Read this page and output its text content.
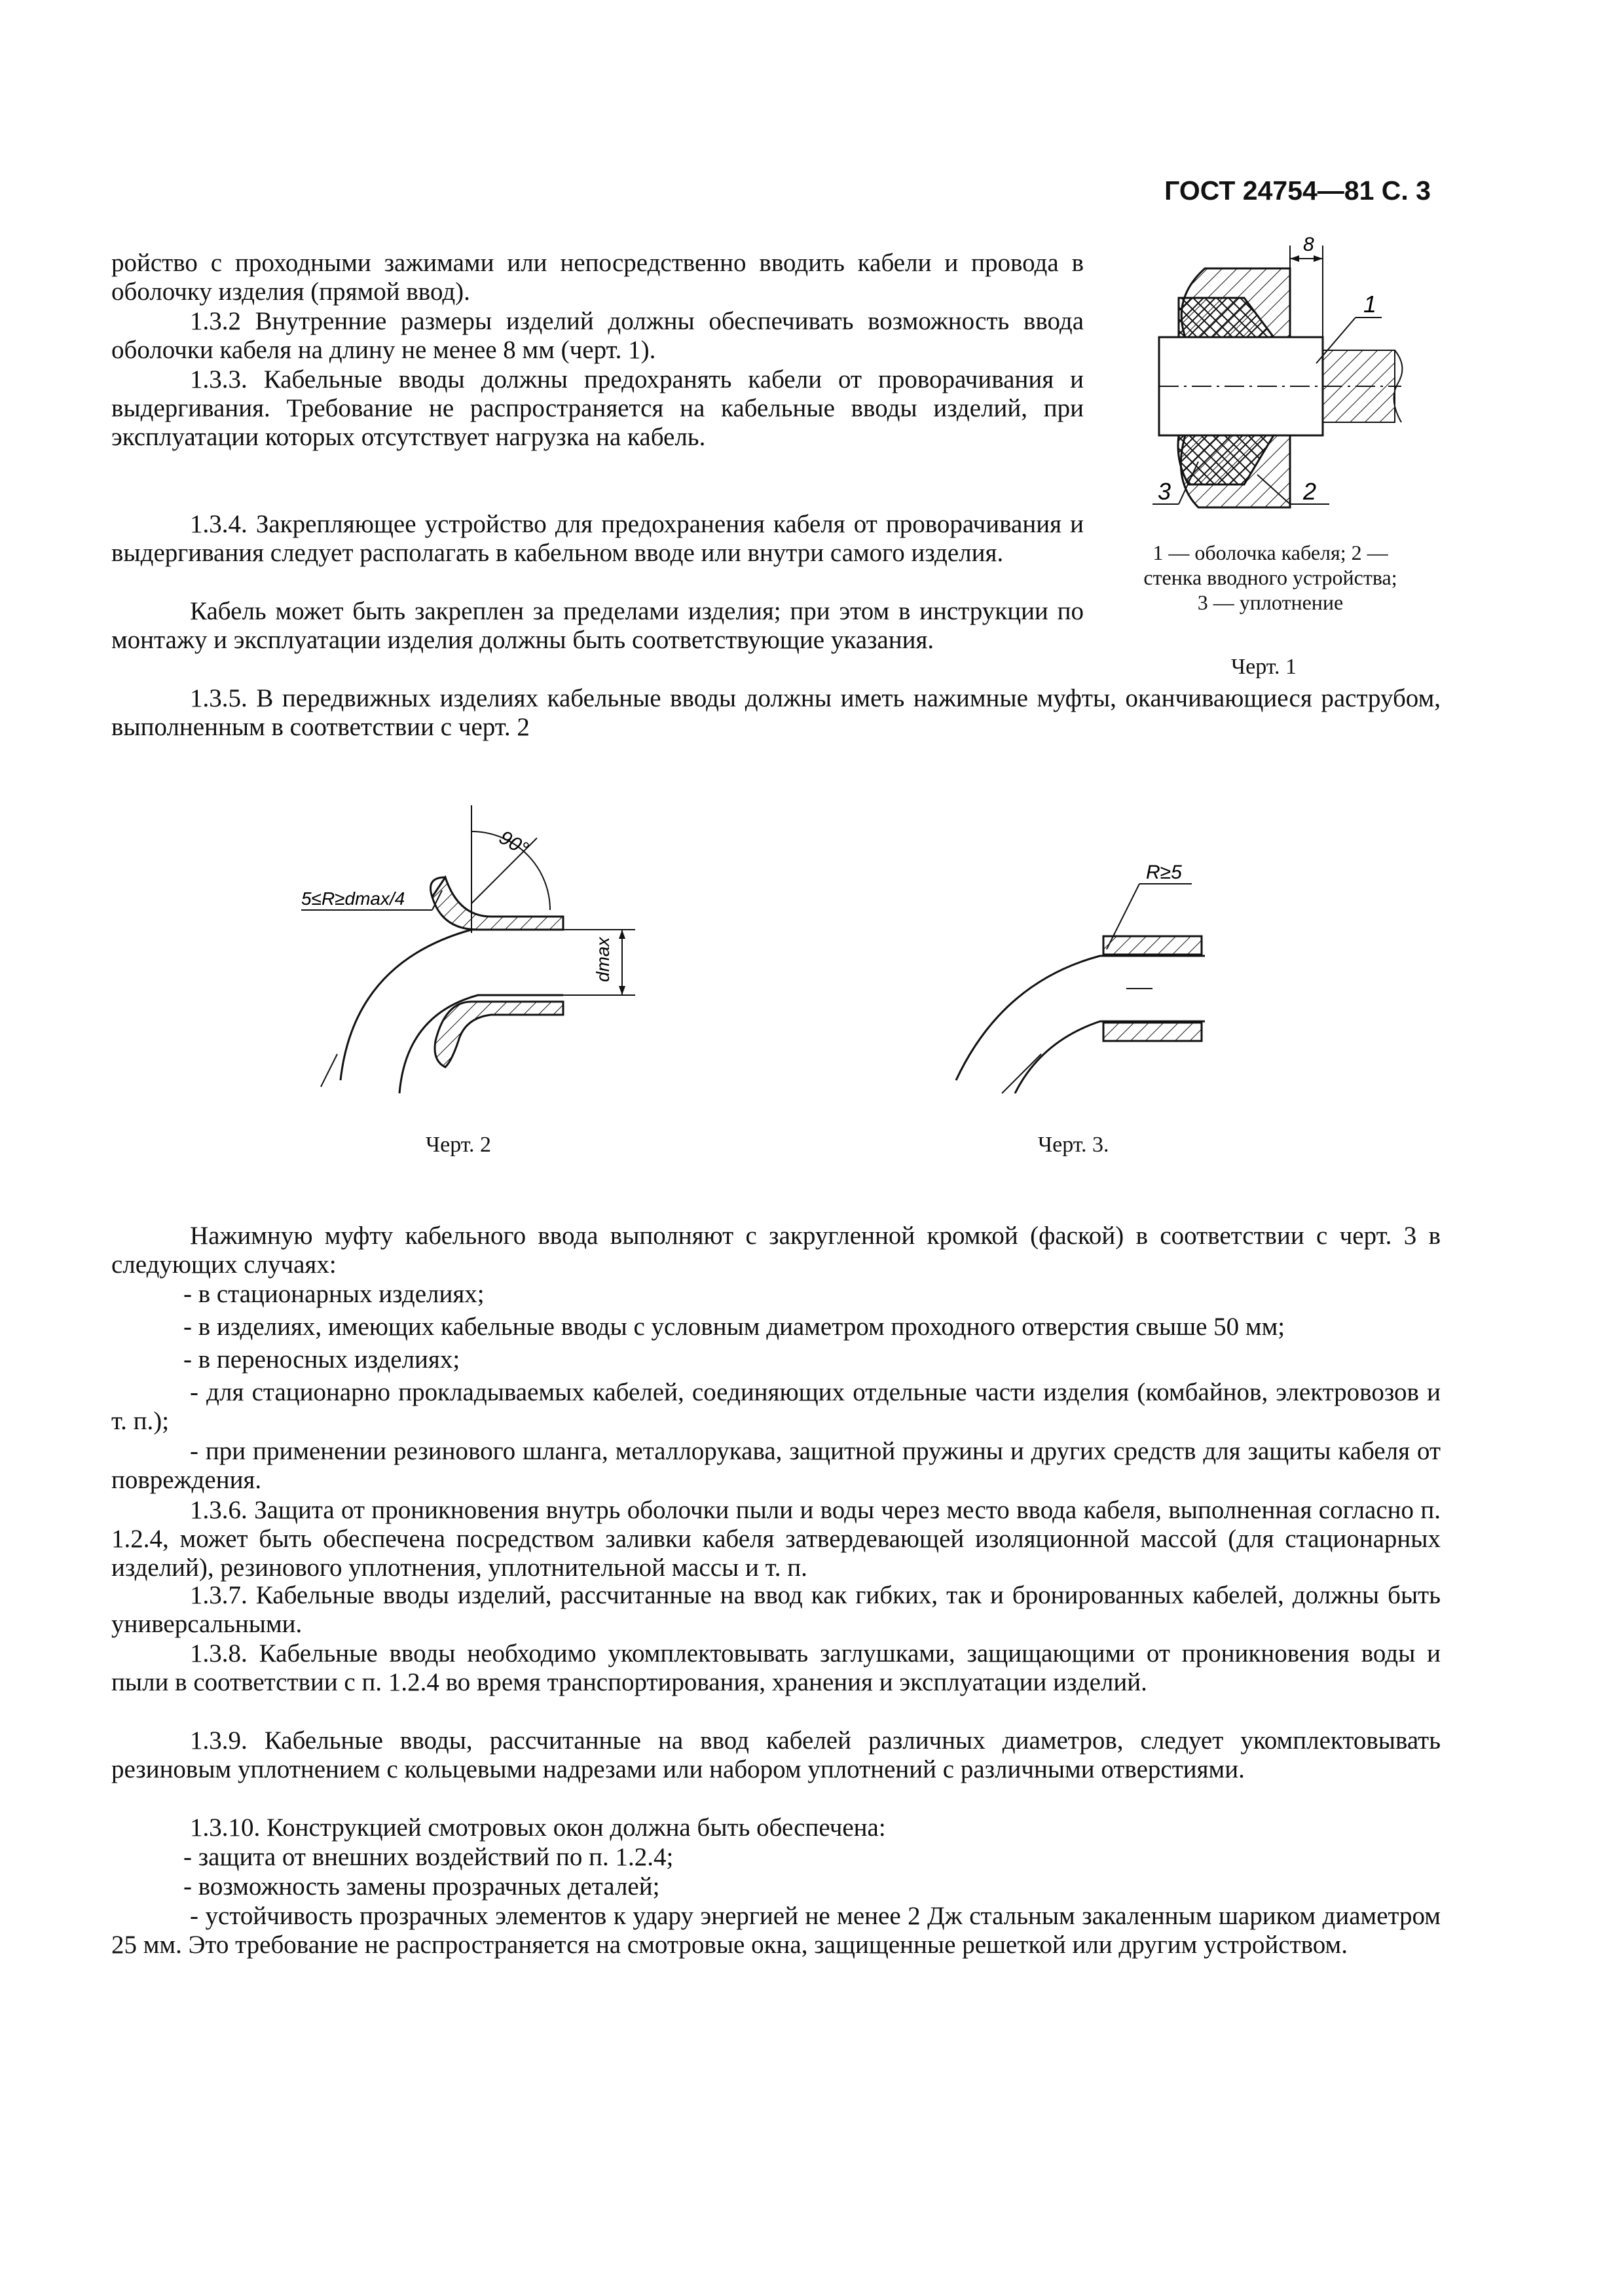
ГОСТ 24754—81 С. 3
ройство с проходными зажимами или непосредственно вводить кабели и провода в оболочку изделия (прямой ввод).
1.3.2 Внутренние размеры изделий должны обеспечивать возможность ввода оболочки кабеля на длину не менее 8 мм (черт. 1).
1.3.3. Кабельные вводы должны предохранять кабели от проворачивания и выдергивания. Требование не распространяется на кабельные вводы изделий, при эксплуатации которых отсутствует нагрузка на кабель.
1.3.4. Закрепляющее устройство для предохранения кабеля от проворачивания и выдергивания следует располагать в кабельном вводе или внутри самого изделия.
Кабель может быть закреплен за пределами изделия; при этом в инструкции по монтажу и эксплуатации изделия должны быть соответствующие указания.
1.3.5. В передвижных изделиях кабельные вводы должны иметь нажимные муфты, оканчивающиеся раструбом, выполненным в соответствии с черт. 2
8
1
3	2
1 — оболочка кабеля; 2 —
стенка вводного устройства;
3 — уплотнение
Черт. 1
90°
5≤R≥dmax/4
dmax
Черт. 2
R≥5
Черт. 3.
Нажимную муфту кабельного ввода выполняют с закругленной кромкой (фаской) в соответствии с черт. 3 в следующих случаях:
- в стационарных изделиях;
- в изделиях, имеющих кабельные вводы с условным диаметром проходного отверстия свыше 50 мм;
- в переносных изделиях;
- для стационарно прокладываемых кабелей, соединяющих отдельные части изделия (комбайнов, электровозов и т. п.);
- при применении резинового шланга, металлорукава, защитной пружины и других средств для защиты кабеля от повреждения.
1.3.6. Защита от проникновения внутрь оболочки пыли и воды через место ввода кабеля, выполненная согласно п. 1.2.4, может быть обеспечена посредством заливки кабеля затвердевающей изоляционной массой (для стационарных изделий), резинового уплотнения, уплотнительной массы и т. п.
1.3.7. Кабельные вводы изделий, рассчитанные на ввод как гибких, так и бронированных кабелей, должны быть универсальными.
1.3.8. Кабельные вводы необходимо укомплектовывать заглушками, защищающими от проникновения воды и пыли в соответствии с п. 1.2.4 во время транспортирования, хранения и эксплуатации изделий.
1.3.9. Кабельные вводы, рассчитанные на ввод кабелей различных диаметров, следует укомплектовывать резиновым уплотнением с кольцевыми надрезами или набором уплотнений с различными отверстиями.
1.3.10. Конструкцией смотровых окон должна быть обеспечена:
- защита от внешних воздействий по п. 1.2.4;
- возможность замены прозрачных деталей;
- устойчивость прозрачных элементов к удару энергией не менее 2 Дж стальным закаленным шариком диаметром 25 мм. Это требование не распространяется на смотровые окна, защищенные решеткой или другим устройством.
